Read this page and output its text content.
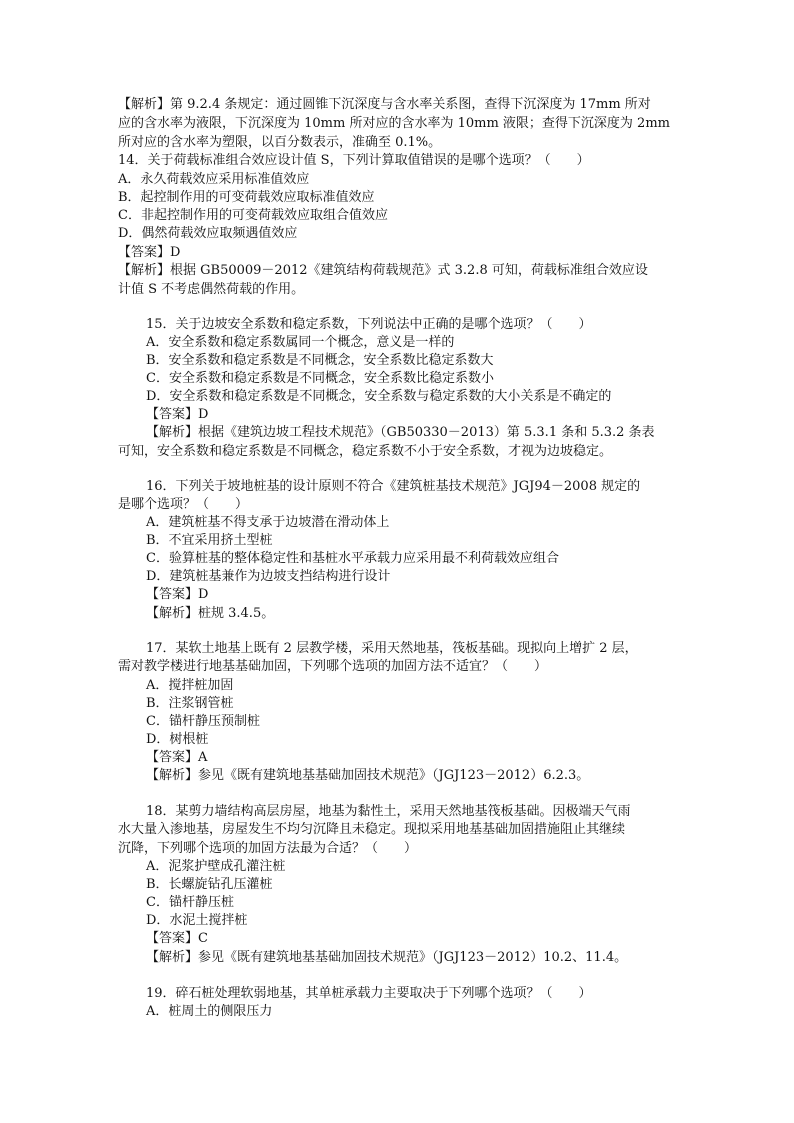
【解析】第 9.2.4 条规定：通过圆锥下沉深度与含水率关系图，查得下沉深度为 17mm 所对
应的含水率为液限，下沉深度为 10mm 所对应的含水率为 10mm 液限；查得下沉深度为 2mm
所对应的含水率为塑限，以百分数表示，准确至 0.1%。
14．关于荷载标准组合效应设计值 S，下列计算取值错误的是哪个选项？（　　）
A．永久荷载效应采用标准值效应
B．起控制作用的可变荷载效应取标准值效应
C．非起控制作用的可变荷载效应取组合值效应
D．偶然荷载效应取频遇值效应
【答案】D
【解析】根据 GB50009－2012《建筑结构荷载规范》式 3.2.8 可知，荷载标准组合效应设
计值 S 不考虑偶然荷载的作用。
15．关于边坡安全系数和稳定系数，下列说法中正确的是哪个选项？（　　）
A．安全系数和稳定系数属同一个概念，意义是一样的
B．安全系数和稳定系数是不同概念，安全系数比稳定系数大
C．安全系数和稳定系数是不同概念，安全系数比稳定系数小
D．安全系数和稳定系数是不同概念，安全系数与稳定系数的大小关系是不确定的
【答案】D
【解析】根据《建筑边坡工程技术规范》（GB50330－2013）第 5.3.1 条和 5.3.2 条表
可知，安全系数和稳定系数是不同概念，稳定系数不小于安全系数，才视为边坡稳定。
16．下列关于坡地桩基的设计原则不符合《建筑桩基技术规范》JGJ94－2008 规定的
是哪个选项？（　　）
A．建筑桩基不得支承于边坡潜在滑动体上
B．不宜采用挤土型桩
C．验算桩基的整体稳定性和基桩水平承载力应采用最不利荷载效应组合
D．建筑桩基兼作为边坡支挡结构进行设计
【答案】D
【解析】桩规 3.4.5。
17．某软土地基上既有 2 层教学楼，采用天然地基，筏板基础。现拟向上增扩 2 层，
需对教学楼进行地基基础加固，下列哪个选项的加固方法不适宜？（　　）
A．搅拌桩加固
B．注浆钢管桩
C．锚杆静压预制桩
D．树根桩
【答案】A
【解析】参见《既有建筑地基基础加固技术规范》（JGJ123－2012）6.2.3。
18．某剪力墙结构高层房屋，地基为黏性土，采用天然地基筏板基础。因极端天气雨
水大量入渗地基，房屋发生不均匀沉降且未稳定。现拟采用地基基础加固措施阻止其继续
沉降，下列哪个选项的加固方法最为合适？（　　）
A．泥浆护壁成孔灌注桩
B．长螺旋钻孔压灌桩
C．锚杆静压桩
D．水泥土搅拌桩
【答案】C
【解析】参见《既有建筑地基基础加固技术规范》（JGJ123－2012）10.2、11.4。
19．碎石桩处理软弱地基，其单桩承载力主要取决于下列哪个选项？（　　）
A．桩周土的侧限压力
